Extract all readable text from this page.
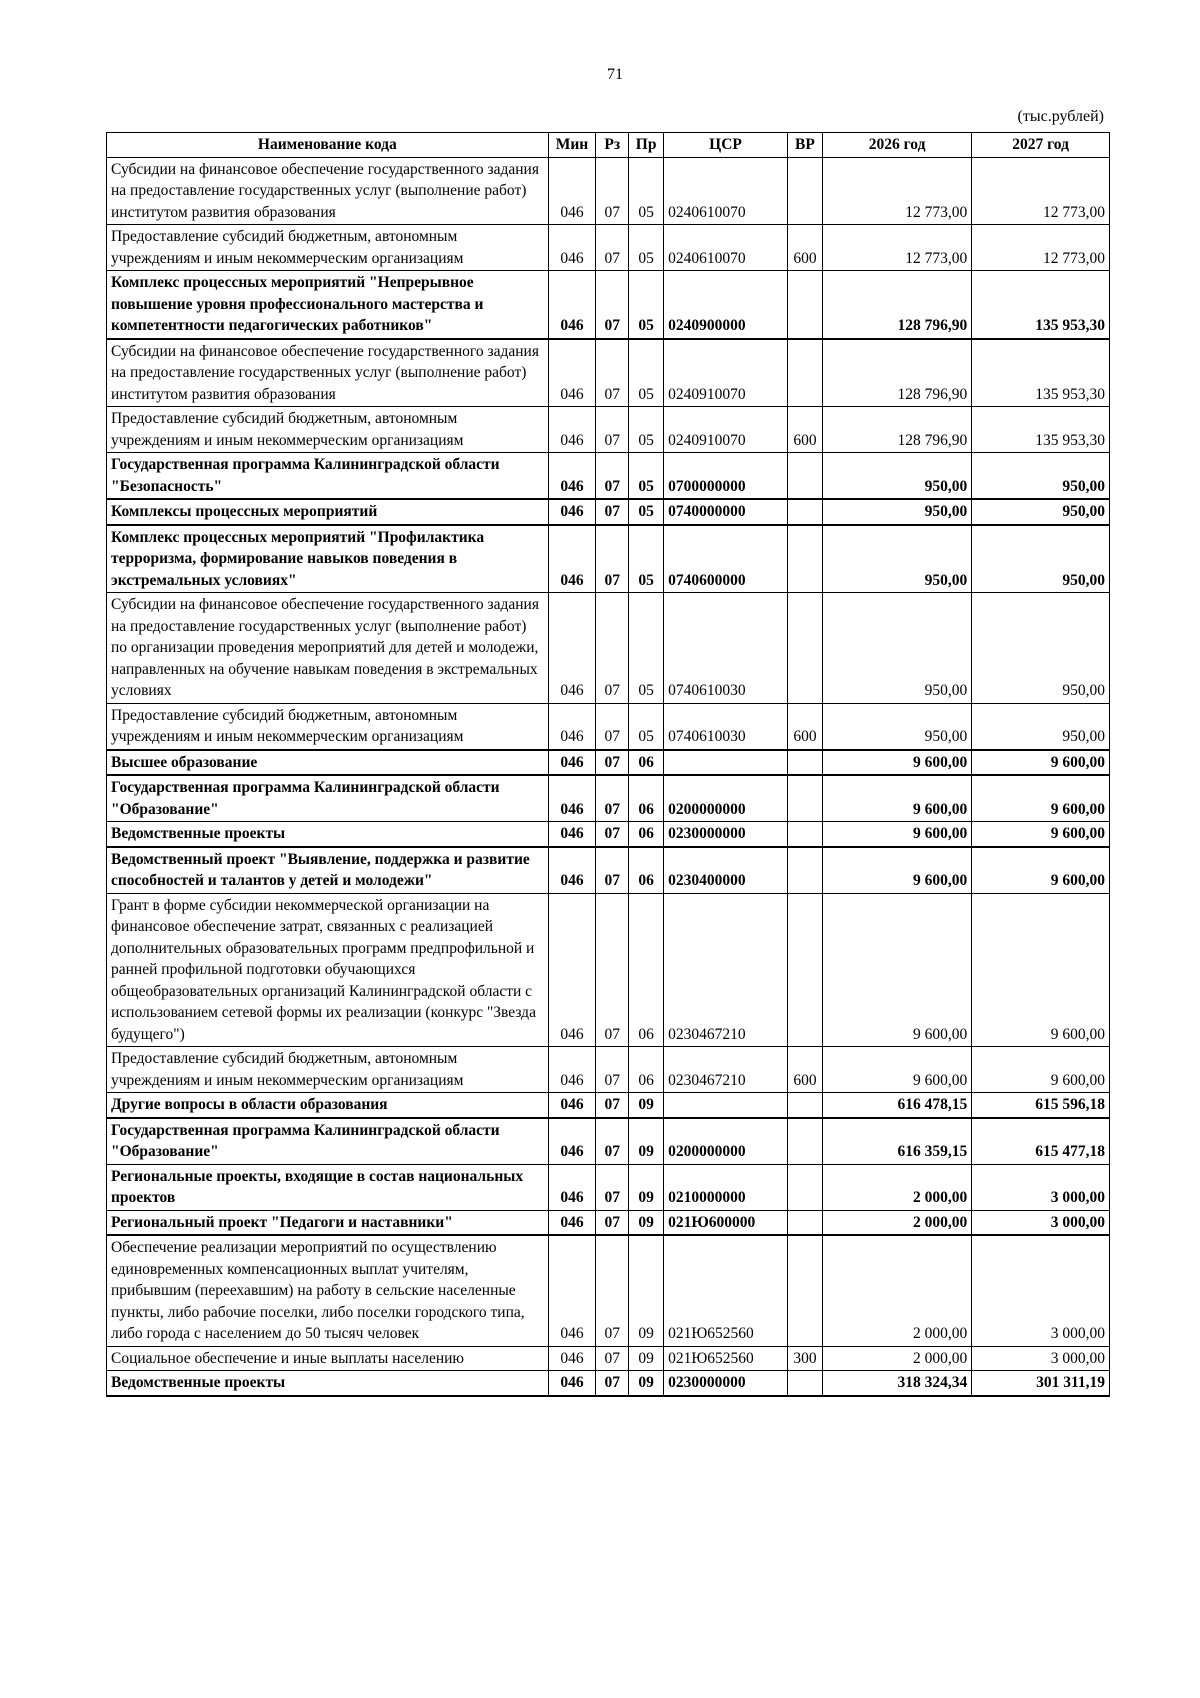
71
(тыс.рублей)
Наименование кода	Мин	Рз	Пр	ЦСР	ВР	2026 год	2027 год
Субсидии на финансовое обеспечение государственного задания на предоставление государственных услуг (выполнение работ) институтом развития образования	046	07	05	0240610070		12 773,00	12 773,00
Предоставление субсидий бюджетным, автономным учреждениям и иным некоммерческим организациям	046	07	05	0240610070	600	12 773,00	12 773,00
Комплекс процессных мероприятий "Непрерывное повышение уровня профессионального мастерства и компетентности педагогических работников"	046	07	05	0240900000		128 796,90	135 953,30
Субсидии на финансовое обеспечение государственного задания на предоставление государственных услуг (выполнение работ) институтом развития образования	046	07	05	0240910070		128 796,90	135 953,30
Предоставление субсидий бюджетным, автономным учреждениям и иным некоммерческим организациям	046	07	05	0240910070	600	128 796,90	135 953,30
Государственная программа Калининградской области "Безопасность"	046	07	05	0700000000		950,00	950,00
Комплексы процессных мероприятий	046	07	05	0740000000		950,00	950,00
Комплекс процессных мероприятий "Профилактика терроризма, формирование навыков поведения в экстремальных условиях"	046	07	05	0740600000		950,00	950,00
Субсидии на финансовое обеспечение государственного задания на предоставление государственных услуг (выполнение работ) по организации проведения мероприятий для детей и молодежи, направленных на обучение навыкам поведения в экстремальных условиях	046	07	05	0740610030		950,00	950,00
Предоставление субсидий бюджетным, автономным учреждениям и иным некоммерческим организациям	046	07	05	0740610030	600	950,00	950,00
Высшее образование	046	07	06			9 600,00	9 600,00
Государственная программа Калининградской области "Образование"	046	07	06	0200000000		9 600,00	9 600,00
Ведомственные проекты	046	07	06	0230000000		9 600,00	9 600,00
Ведомственный проект "Выявление, поддержка и развитие способностей и талантов у детей и молодежи"	046	07	06	0230400000		9 600,00	9 600,00
Грант в форме субсидии некоммерческой организации на финансовое обеспечение затрат, связанных с реализацией дополнительных образовательных программ предпрофильной и ранней профильной подготовки обучающихся общеобразовательных организаций Калининградской области с использованием сетевой формы их реализации (конкурс "Звезда будущего")	046	07	06	0230467210		9 600,00	9 600,00
Предоставление субсидий бюджетным, автономным учреждениям и иным некоммерческим организациям	046	07	06	0230467210	600	9 600,00	9 600,00
Другие вопросы в области образования	046	07	09			616 478,15	615 596,18
Государственная программа Калининградской области "Образование"	046	07	09	0200000000		616 359,15	615 477,18
Региональные проекты, входящие в состав национальных проектов	046	07	09	0210000000		2 000,00	3 000,00
Региональный проект "Педагоги и наставники"	046	07	09	021Ю600000		2 000,00	3 000,00
Обеспечение реализации мероприятий по осуществлению единовременных компенсационных выплат учителям, прибывшим (переехавшим) на работу в сельские населенные пункты, либо рабочие поселки, либо поселки городского типа, либо города с населением до 50 тысяч человек	046	07	09	021Ю652560		2 000,00	3 000,00
Социальное обеспечение и иные выплаты населению	046	07	09	021Ю652560	300	2 000,00	3 000,00
Ведомственные проекты	046	07	09	0230000000		318 324,34	301 311,19
